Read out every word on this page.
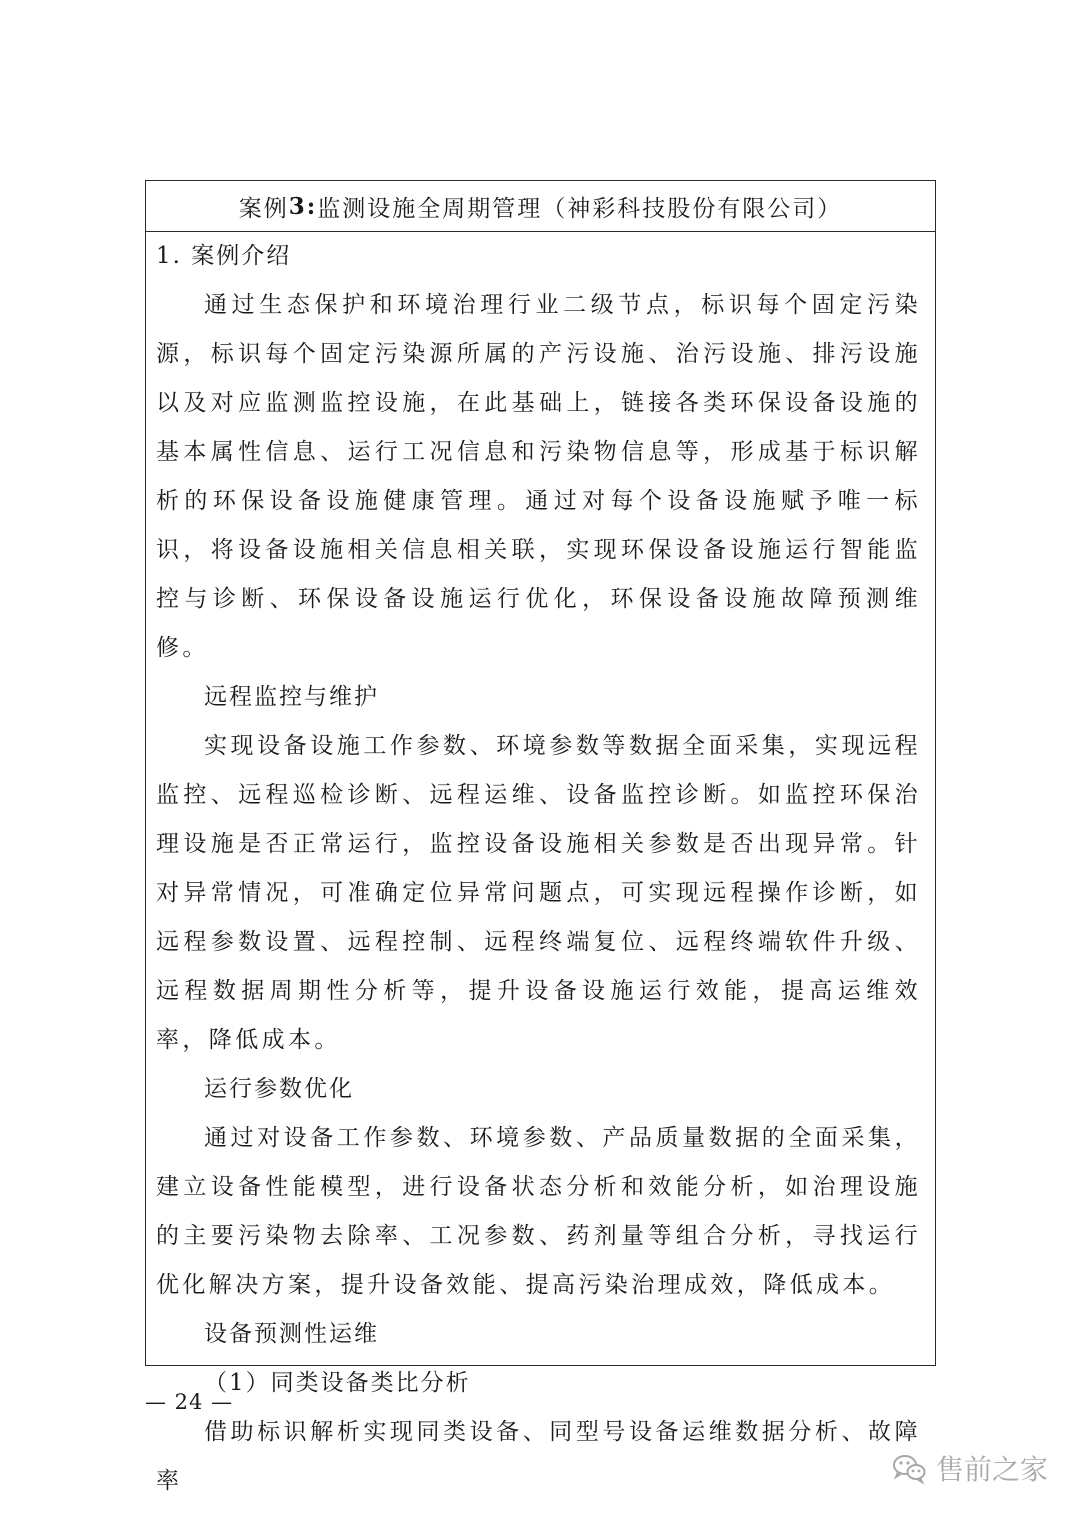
案例 3: 监测设施全周期管理（神彩科技股份有限公司）

1. 案例介绍

通过生态保护和环境治理行业二级节点，标识每个固定污染源，标识每个固定污染源所属的产污设施、治污设施、排污设施以及对应监测监控设施，在此基础上，链接各类环保设备设施的基本属性信息、运行工况信息和污染物信息等，形成基于标识解析的环保设备设施健康管理。通过对每个设备设施赋予唯一标识，将设备设施相关信息相关联，实现环保设备设施运行智能监控与诊断、环保设备设施运行优化，环保设备设施故障预测维修。

远程监控与维护

实现设备设施工作参数、环境参数等数据全面采集，实现远程监控、远程巡检诊断、远程运维、设备监控诊断。如监控环保治理设施是否正常运行，监控设备设施相关参数是否出现异常。针对异常情况，可准确定位异常问题点，可实现远程操作诊断，如远程参数设置、远程控制、远程终端复位、远程终端软件升级、远程数据周期性分析等，提升设备设施运行效能，提高运维效率，降低成本。

运行参数优化

通过对设备工作参数、环境参数、产品质量数据的全面采集，建立设备性能模型，进行设备状态分析和效能分析，如治理设施的主要污染物去除率、工况参数、药剂量等组合分析，寻找运行优化解决方案，提升设备效能、提高污染治理成效，降低成本。

设备预测性运维

（1）同类设备类比分析

借助标识解析实现同类设备、同型号设备运维数据分析、故障率

— 24 —
售前之家
